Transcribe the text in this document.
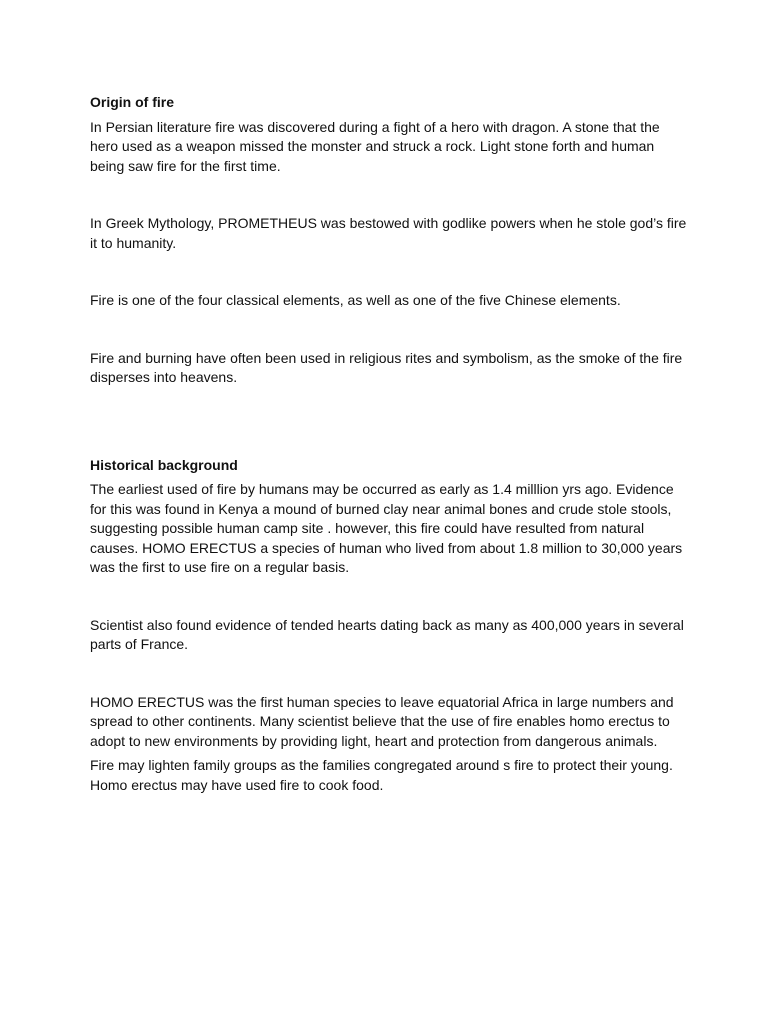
Origin of fire

In Persian literature fire was discovered during a fight of a hero with dragon. A stone that the hero used as a weapon missed the monster and struck a rock. Light stone forth and human being saw fire for the first time.

In Greek Mythology, PROMETHEUS was bestowed with godlike powers when he stole god’s fire it to humanity.

Fire is one of the four classical elements, as well as one of the five Chinese elements.

Fire and burning have often been used in religious rites and symbolism, as the smoke of the fire disperses into heavens.

Historical background

The earliest used of fire by humans may be occurred as early as 1.4 milllion yrs ago. Evidence for this was found in Kenya a mound of burned clay near animal bones and crude stole stools, suggesting possible human camp site . however, this fire could have resulted from natural causes. HOMO ERECTUS a species of human who lived from about 1.8 million to 30,000 years was the first to use fire on a regular basis.

Scientist also found evidence of tended hearts dating back as many as 400,000 years in several parts of France.

HOMO ERECTUS was the first human species to leave equatorial Africa in large numbers and spread to other continents. Many scientist believe that the use of fire enables homo erectus to adopt to new environments by providing light, heart and protection from dangerous animals.

Fire may lighten family groups as the families congregated around s fire to protect their young. Homo erectus may have used fire to cook food.
